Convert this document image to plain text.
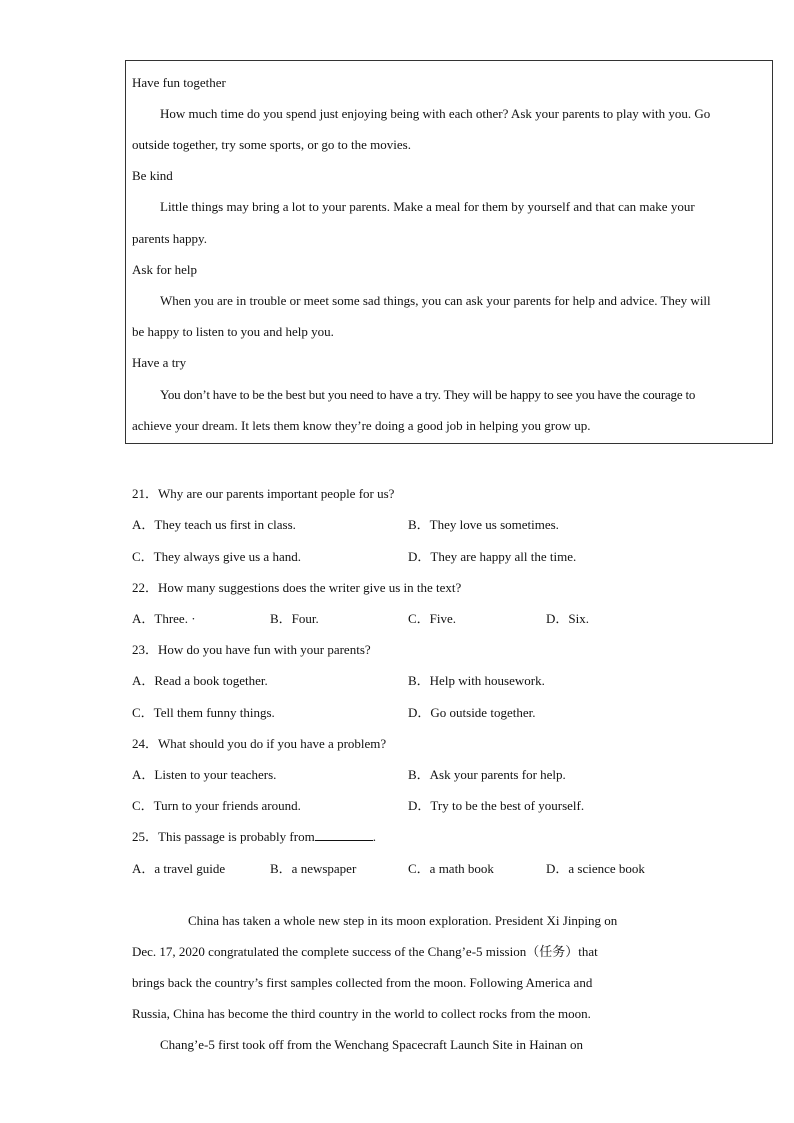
Have fun together
How much time do you spend just enjoying being with each other? Ask your parents to play with you. Go
outside together, try some sports, or go to the movies.
Be kind
Little things may bring a lot to your parents. Make a meal for them by yourself and that can make your
parents happy.
Ask for help
When you are in trouble or meet some sad things, you can ask your parents for help and advice. They will
be happy to listen to you and help you.
Have a try
You don’t have to be the best but you need to have a try. They will be happy to see you have the courage to
achieve your dream. It lets them know they’re doing a good job in helping you grow up.
21．Why are our parents important people for us?
A．They teach us first in class.	B．They love us sometimes.
C．They always give us a hand.	D．They are happy all the time.
22．How many suggestions does the writer give us in the text?
A．Three. ·	B．Four.	C．Five.	D．Six.
23．How do you have fun with your parents?
A．Read a book together.	B．Help with housework.
C．Tell them funny things.	D．Go outside together.
24．What should you do if you have a problem?
A．Listen to your teachers.	B．Ask your parents for help.
C．Turn to your friends around.	D．Try to be the best of yourself.
25．This passage is probably from	.
A．a travel guide	B．a newspaper	C．a math book	D．a science book
China has taken a whole new step in its moon exploration. President Xi Jinping on
Dec. 17, 2020 congratulated the complete success of the Chang’e-5 mission（任务）that
brings back the country’s first samples collected from the moon. Following America and
Russia, China has become the third country in the world to collect rocks from the moon.
Chang’e-5 first took off from the Wenchang Spacecraft Launch Site in Hainan on
